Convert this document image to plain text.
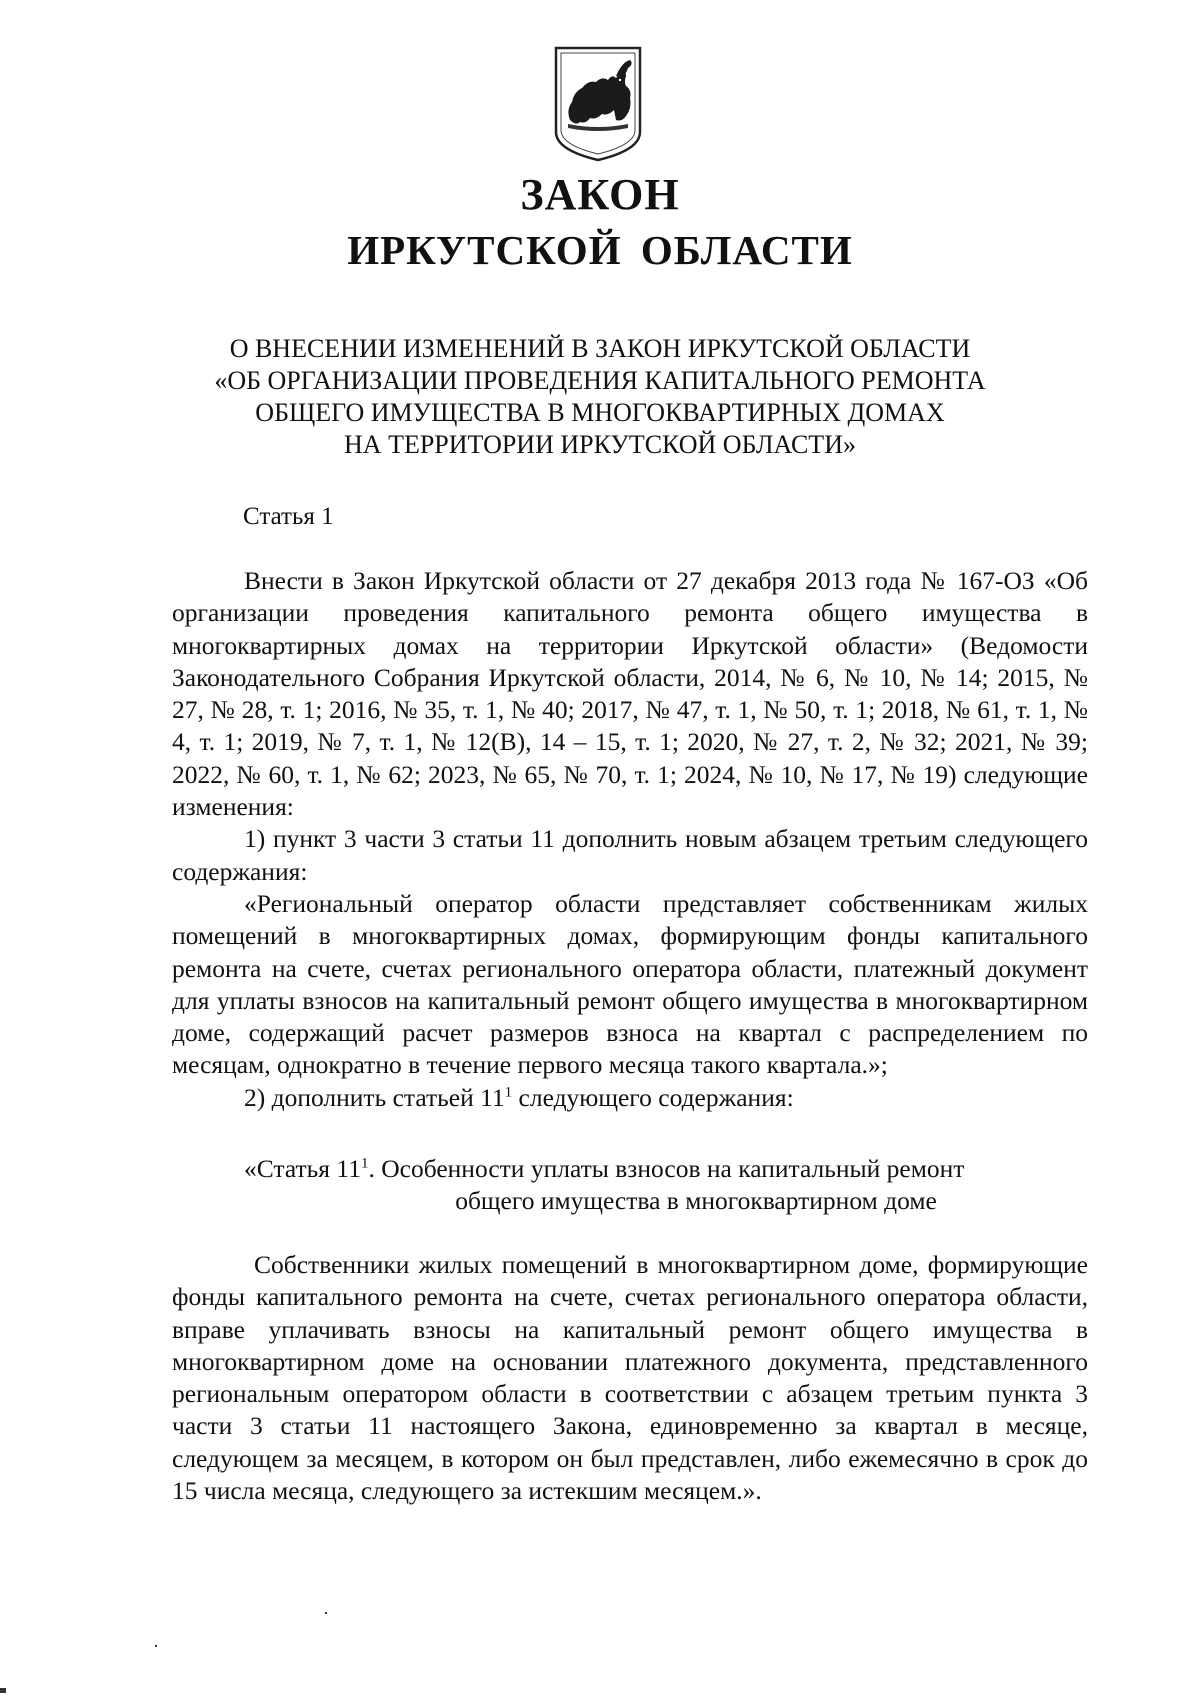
ЗАКОН
ИРКУТСКОЙ ОБЛАСТИ
О ВНЕСЕНИИ ИЗМЕНЕНИЙ В ЗАКОН ИРКУТСКОЙ ОБЛАСТИ
«ОБ ОРГАНИЗАЦИИ ПРОВЕДЕНИЯ КАПИТАЛЬНОГО РЕМОНТА
ОБЩЕГО ИМУЩЕСТВА В МНОГОКВАРТИРНЫХ ДОМАХ
НА ТЕРРИТОРИИ ИРКУТСКОЙ ОБЛАСТИ»
Статья 1

Внести в Закон Иркутской области от 27 декабря 2013 года № 167-ОЗ «Об организации проведения капитального ремонта общего имущества в многоквартирных домах на территории Иркутской области» (Ведомости Законодательного Собрания Иркутской области, 2014, № 6, № 10, № 14; 2015, № 27, № 28, т. 1; 2016, № 35, т. 1, № 40; 2017, № 47, т. 1, № 50, т. 1; 2018, № 61, т. 1, № 4, т. 1; 2019, № 7, т. 1, № 12(В), 14 – 15, т. 1; 2020, № 27, т. 2, № 32; 2021, № 39; 2022, № 60, т. 1, № 62; 2023, № 65, № 70, т. 1; 2024, № 10, № 17, № 19) следующие изменения:

1) пункт 3 части 3 статьи 11 дополнить новым абзацем третьим следующего содержания:

«Региональный оператор области представляет собственникам жилых помещений в многоквартирных домах, формирующим фонды капитального ремонта на счете, счетах регионального оператора области, платежный документ для уплаты взносов на капитальный ремонт общего имущества в многоквартирном доме, содержащий расчет размеров взноса на квартал с распределением по месяцам, однократно в течение первого месяца такого квартала.»;

2) дополнить статьей $11^1$ следующего содержания:

«Статья $11^1$. Особенности уплаты взносов на капитальный ремонт

общего имущества в многоквартирном доме

Собственники жилых помещений в многоквартирном доме, формирующие фонды капитального ремонта на счете, счетах регионального оператора области, вправе уплачивать взносы на капитальный ремонт общего имущества в многоквартирном доме на основании платежного документа, представленного региональным оператором области в соответствии с абзацем третьим пункта 3 части 3 статьи 11 настоящего Закона, единовременно за квартал в месяце, следующем за месяцем, в котором он был представлен, либо ежемесячно в срок до 15 числа месяца, следующего за истекшим месяцем.».
